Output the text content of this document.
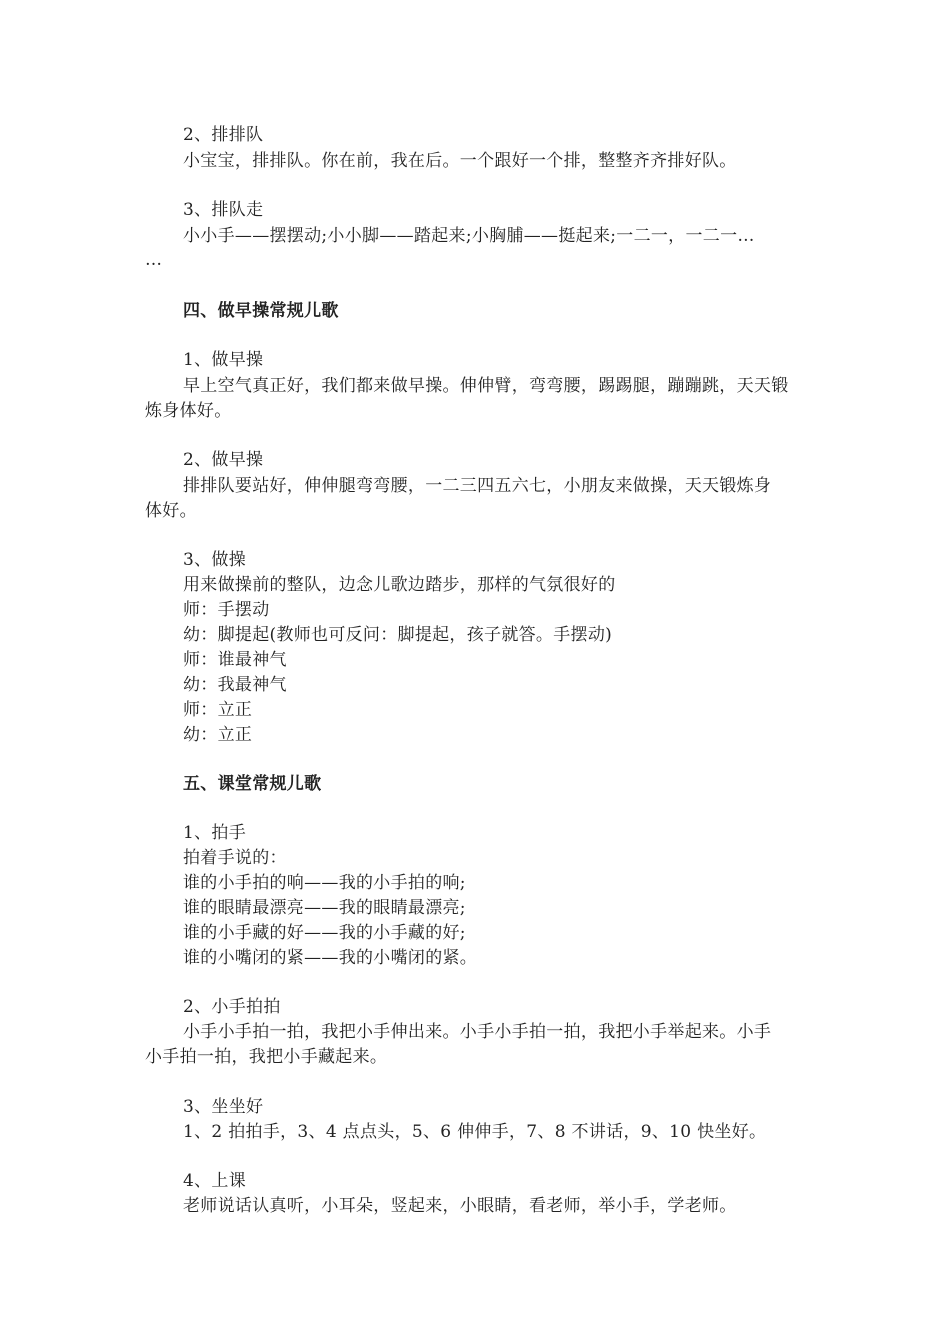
2、排排队
小宝宝，排排队。你在前，我在后。一个跟好一个排，整整齐齐排好队。
3、排队走
小小手——摆摆动;小小脚——踏起来;小胸脯——挺起来;一二一，一二一…
…
四、做早操常规儿歌
1、做早操
早上空气真正好，我们都来做早操。伸伸臂，弯弯腰，踢踢腿，蹦蹦跳，天天锻
炼身体好。
2、做早操
排排队要站好，伸伸腿弯弯腰，一二三四五六七，小朋友来做操，天天锻炼身
体好。
3、做操
用来做操前的整队，边念儿歌边踏步，那样的气氛很好的
师：手摆动
幼：脚提起(教师也可反问：脚提起，孩子就答。手摆动)
师：谁最神气
幼：我最神气
师：立正
幼：立正
五、课堂常规儿歌
1、拍手
拍着手说的：
谁的小手拍的响——我的小手拍的响;
谁的眼睛最漂亮——我的眼睛最漂亮;
谁的小手藏的好——我的小手藏的好;
谁的小嘴闭的紧——我的小嘴闭的紧。
2、小手拍拍
小手小手拍一拍，我把小手伸出来。小手小手拍一拍，我把小手举起来。小手
小手拍一拍，我把小手藏起来。
3、坐坐好
1、2 拍拍手，3、4 点点头，5、6 伸伸手，7、8 不讲话，9、10 快坐好。
4、上课
老师说话认真听，小耳朵，竖起来，小眼睛，看老师，举小手，学老师。
